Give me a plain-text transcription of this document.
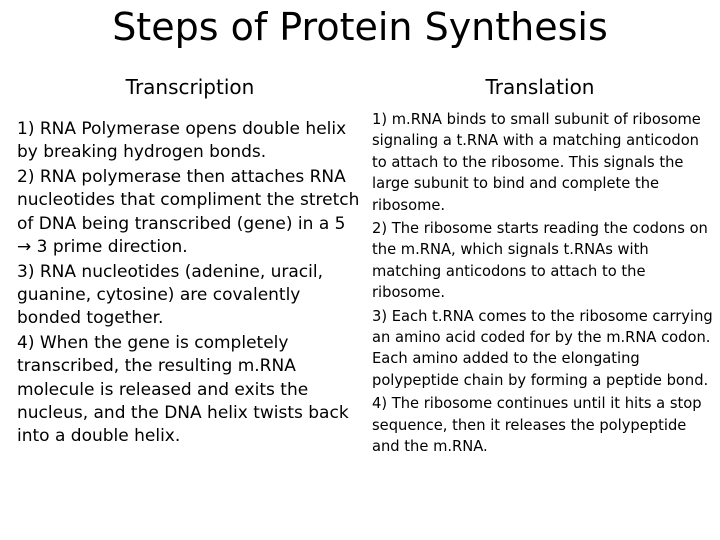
Steps of Protein Synthesis
Transcription	Translation
1) RNA Polymerase opens double helix by breaking hydrogen bonds.
2) RNA polymerase then attaches RNA nucleotides that compliment the stretch of DNA being transcribed (gene) in a 5 → 3 prime direction.
3) RNA nucleotides (adenine, uracil, guanine, cytosine) are covalently bonded together.
4) When the gene is completely transcribed, the resulting m.RNA molecule is released and exits the nucleus, and the DNA helix twists back into a double helix.
1) m.RNA binds to small subunit of ribosome signaling a t.RNA with a matching anticodon to attach to the ribosome. This signals the large subunit to bind and complete the ribosome.
2) The ribosome starts reading the codons on the m.RNA, which signals t.RNAs with matching anticodons to attach to the ribosome.
3) Each t.RNA comes to the ribosome carrying an amino acid coded for by the m.RNA codon. Each amino added to the elongating polypeptide chain by forming a peptide bond.
4) The ribosome continues until it hits a stop sequence, then it releases the polypeptide and the m.RNA.
